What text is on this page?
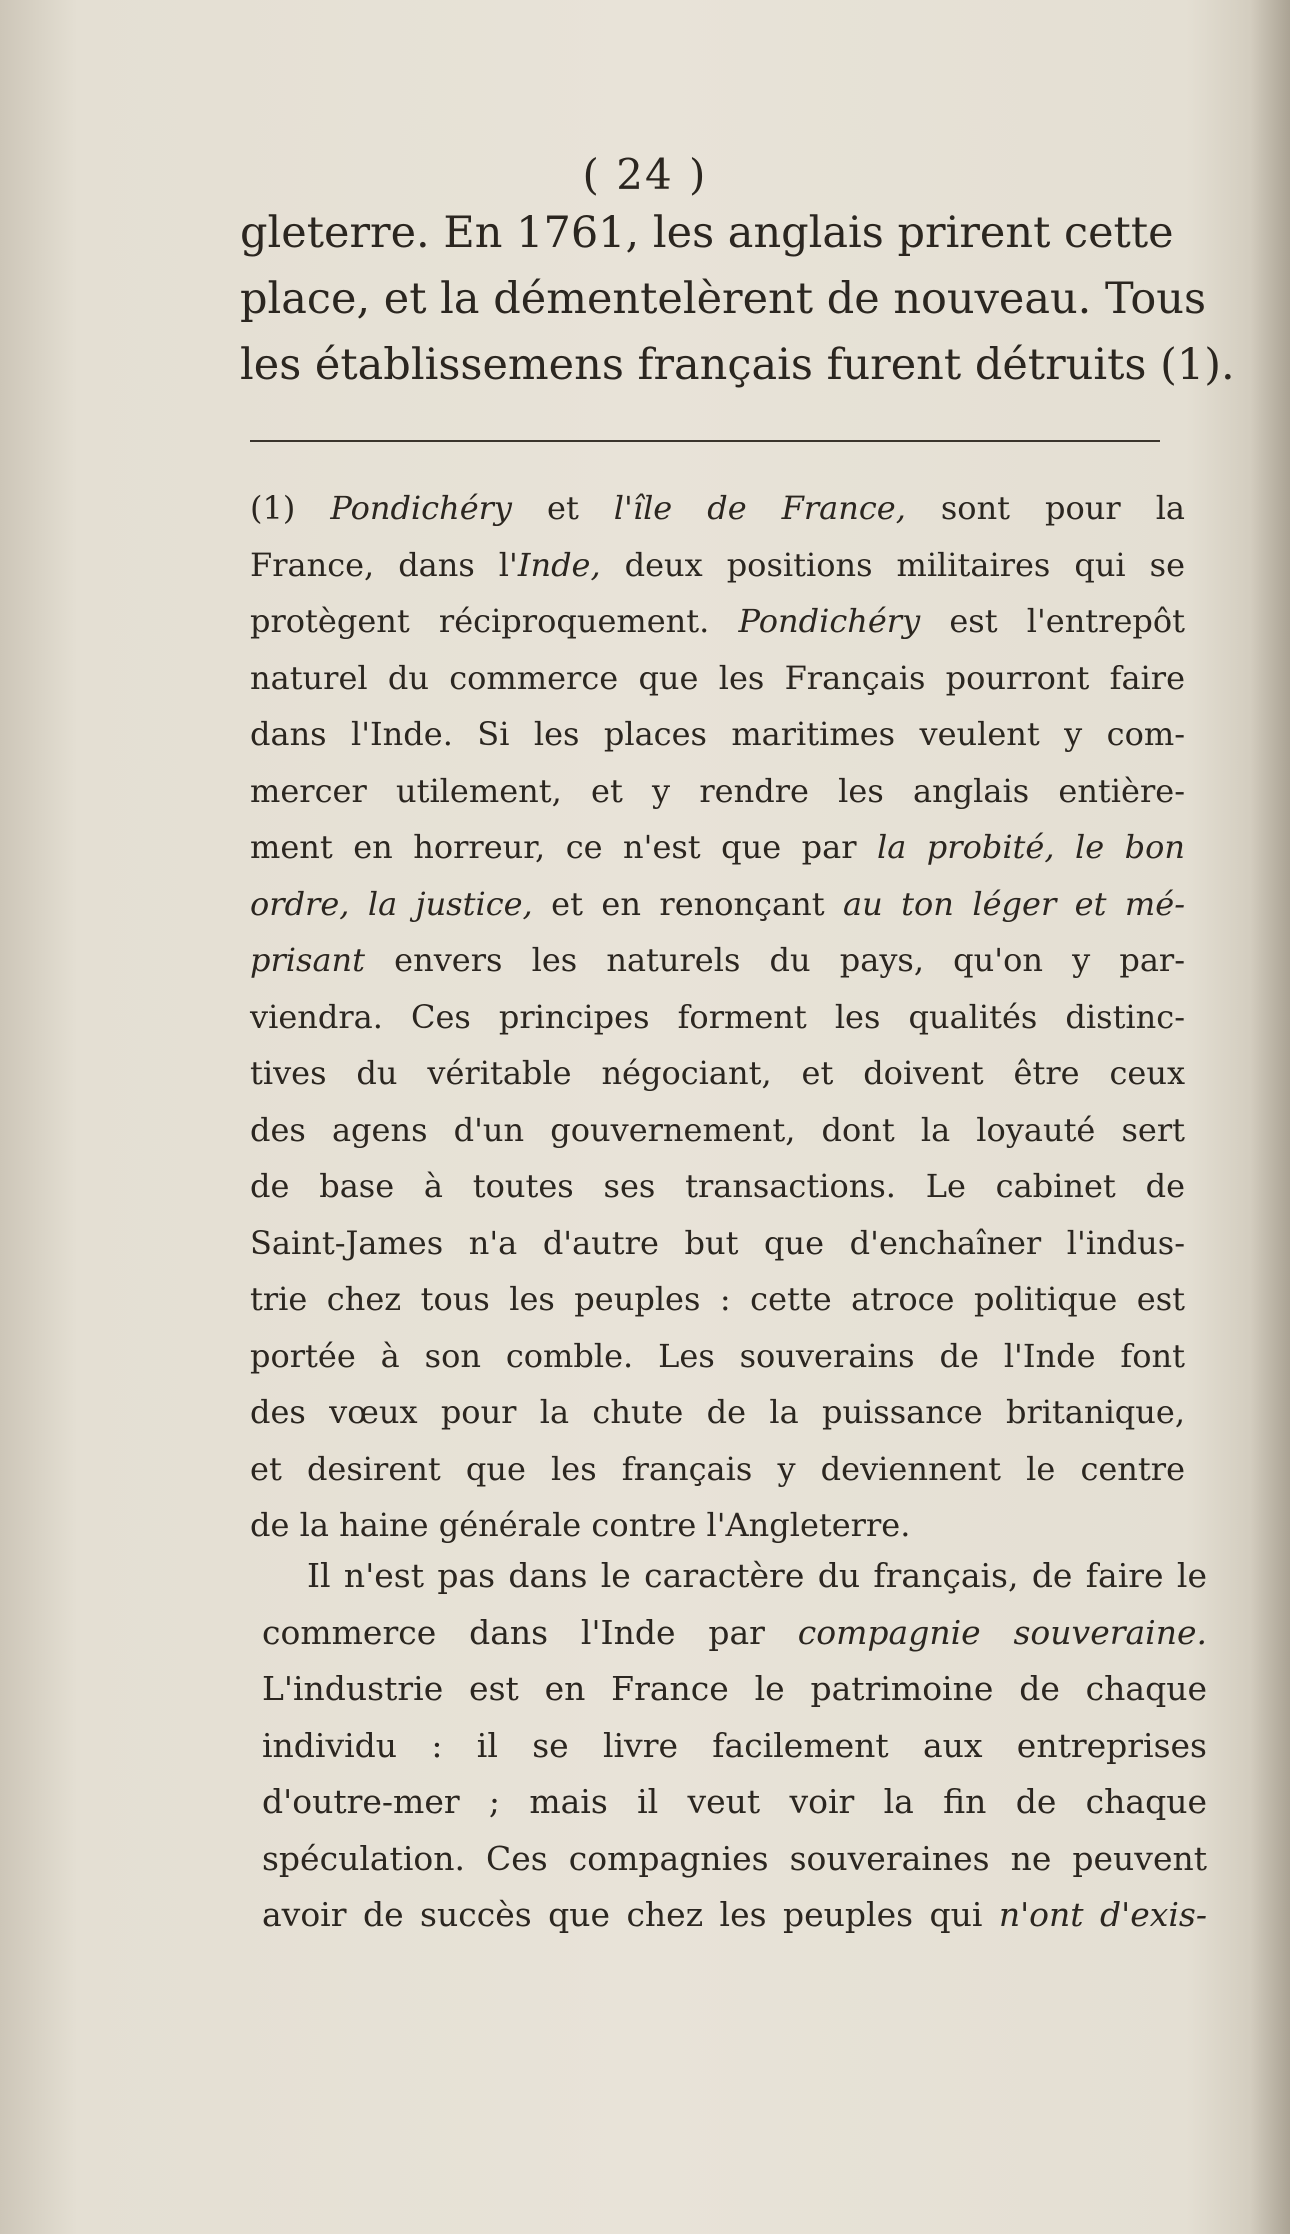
( 24 )
gleterre. En 1761, les anglais prirent cette
place, et la démentelèrent de nouveau. Tous
les établissemens français furent détruits (1).
(1) Pondichéry et l'île de France, sont pour la
France, dans l'Inde, deux positions militaires qui se
protègent réciproquement. Pondichéry est l'entrepôt
naturel du commerce que les Français pourront faire
dans l'Inde. Si les places maritimes veulent y com-
mercer utilement, et y rendre les anglais entière-
ment en horreur, ce n'est que par la probité, le bon
ordre, la justice, et en renonçant au ton léger et mé-
prisant envers les naturels du pays, qu'on y par-
viendra. Ces principes forment les qualités distinc-
tives du véritable négociant, et doivent être ceux
des agens d'un gouvernement, dont la loyauté sert
de base à toutes ses transactions. Le cabinet de
Saint-James n'a d'autre but que d'enchaîner l'indus-
trie chez tous les peuples : cette atroce politique est
portée à son comble. Les souverains de l'Inde font
des vœux pour la chute de la puissance britanique,
et desirent que les français y deviennent le centre
de la haine générale contre l'Angleterre.
Il n'est pas dans le caractère du français, de faire le
commerce dans l'Inde par compagnie souveraine.
L'industrie est en France le patrimoine de chaque
individu : il se livre facilement aux entreprises
d'outre-mer ; mais il veut voir la fin de chaque
spéculation. Ces compagnies souveraines ne peuvent
avoir de succès que chez les peuples qui n'ont d'exis-
